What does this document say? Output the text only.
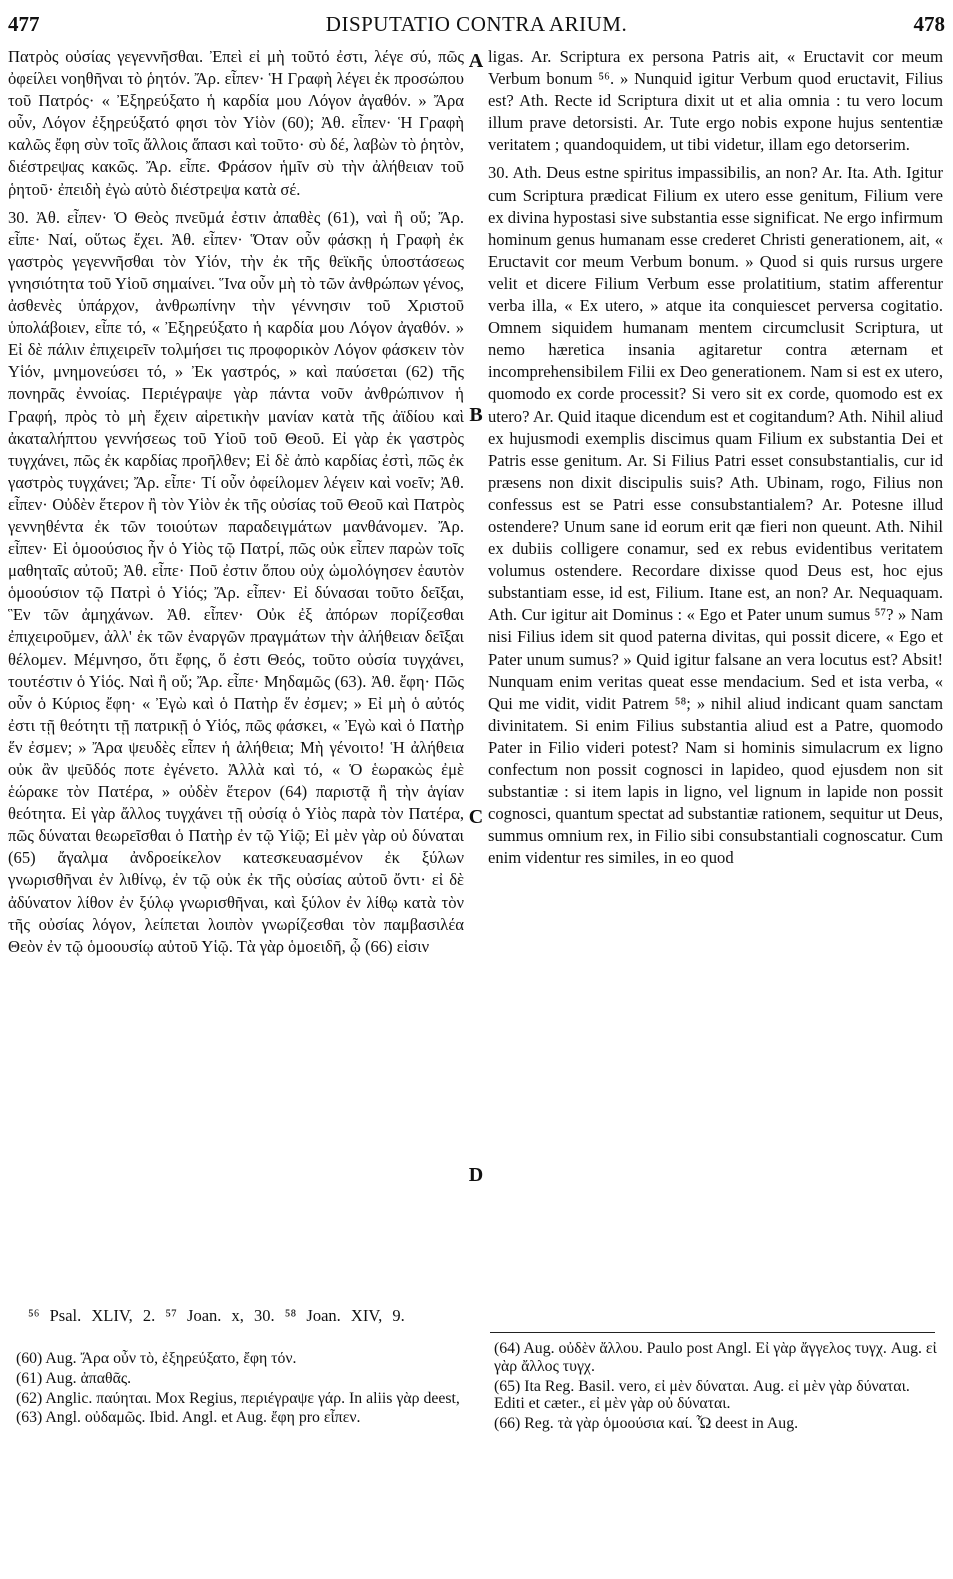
477	DISPUTATIO CONTRA ARIUM.	478

Πατρὸς οὐσίας γεγεννῆσθαι. Ἐπεὶ εἰ μὴ τοῦτό ἐστι, λέγε σύ, πῶς ὀφείλει νοηθῆναι τὸ ῥητόν. Ἄρ. εἶπεν· Ἡ Γραφὴ λέγει ἐκ προσώπου τοῦ Πατρός· « Ἐξηρεύξατο ἡ καρδία μου Λόγον ἀγαθόν. » Ἄρα οὖν, Λόγον ἐξηρεύξατό φησι τὸν Υἱὸν (60); Ἀθ. εἶπεν· Ἡ Γραφὴ καλῶς ἔφη σὺν τοῖς ἄλλοις ἅπασι καὶ τοῦτο· σὺ δέ, λαβὼν τὸ ῥητὸν, διέστρεψας κακῶς. Ἄρ. εἶπε. Φράσον ἡμῖν σὺ τὴν ἀλήθειαν τοῦ ῥητοῦ· ἐπειδὴ ἐγὼ αὐτὸ διέστρεψα κατὰ σέ.

30. Ἀθ. εἶπεν· Ὁ Θεὸς πνεῦμά ἐστιν ἀπαθὲς (61), ναὶ ἢ οὔ; Ἄρ. εἶπε· Ναί, οὕτως ἔχει. Ἀθ. εἶπεν· Ὅταν οὖν φάσκῃ ἡ Γραφὴ ἐκ γαστρὸς γεγεννῆσθαι τὸν Υἱόν, τὴν ἐκ τῆς θεϊκῆς ὑποστάσεως γνησιότητα τοῦ Υἱοῦ σημαίνει. Ἵνα οὖν μὴ τὸ τῶν ἀνθρώπων γένος, ἀσθενὲς ὑπάρχον, ἀνθρωπίνην τὴν γέννησιν τοῦ Χριστοῦ ὑπολάβοιεν, εἶπε τό, « Ἐξηρεύξατο ἡ καρδία μου Λόγον ἀγαθόν. » Εἰ δὲ πάλιν ἐπιχειρεῖν τολμήσει τις προφορικὸν Λόγον φάσκειν τὸν Υἱόν, μνημονεύσει τό, » Ἐκ γαστρός, » καὶ παύσεται (62) τῆς πονηρᾶς ἐννοίας. Περιέγραψε γὰρ πάντα νοῦν ἀνθρώπινον ἡ Γραφή, πρὸς τὸ μὴ ἔχειν αἱρετικὴν μανίαν κατὰ τῆς ἀϊδίου καὶ ἀκαταλήπτου γεννήσεως τοῦ Υἱοῦ τοῦ Θεοῦ. Εἰ γὰρ ἐκ γαστρὸς τυγχάνει, πῶς ἐκ καρδίας προῆλθεν; Εἰ δὲ ἀπὸ καρδίας ἐστὶ, πῶς ἐκ γαστρὸς τυγχάνει; Ἄρ. εἶπε· Τί οὖν ὀφείλομεν λέγειν καὶ νοεῖν; Ἀθ. εἶπεν· Οὐδὲν ἕτερον ἢ τὸν Υἱὸν ἐκ τῆς οὐσίας τοῦ Θεοῦ καὶ Πατρὸς γεννηθέντα ἐκ τῶν τοιούτων παραδειγμάτων μανθάνομεν. Ἄρ. εἶπεν· Εἰ ὁμοούσιος ἦν ὁ Υἱὸς τῷ Πατρί, πῶς οὐκ εἶπεν παρὼν τοῖς μαθηταῖς αὐτοῦ; Ἀθ. εἶπε· Ποῦ ἐστιν ὅπου οὐχ ὡμολόγησεν ἑαυτὸν ὁμοούσιον τῷ Πατρὶ ὁ Υἱός; Ἄρ. εἶπεν· Εἰ δύνασαι τοῦτο δεῖξαι, Ἓν τῶν ἀμηχάνων. Ἀθ. εἶπεν· Οὐκ ἐξ ἀπόρων πορίζεσθαι ἐπιχειροῦμεν, ἀλλ' ἐκ τῶν ἐναργῶν πραγμάτων τὴν ἀλήθειαν δεῖξαι θέλομεν. Μέμνησο, ὅτι ἔφης, ὅ ἐστι Θεός, τοῦτο οὐσία τυγχάνει, τουτέστιν ὁ Υἱός. Ναὶ ἢ οὔ; Ἄρ. εἶπε· Μηδαμῶς (63). Ἀθ. ἔφη· Πῶς οὖν ὁ Κύριος ἔφη· « Ἐγὼ καὶ ὁ Πατὴρ ἕν ἐσμεν; » Εἰ μὴ ὁ αὐτός ἐστι τῇ θεότητι τῇ πατρικῇ ὁ Υἱός, πῶς φάσκει, « Ἐγὼ καὶ ὁ Πατὴρ ἕν ἐσμεν; » Ἄρα ψευδὲς εἶπεν ἡ ἀλήθεια; Μὴ γένοιτο! Ἡ ἀλήθεια οὐκ ἂν ψεῦδός ποτε ἐγένετο. Ἀλλὰ καὶ τό, « Ὁ ἑωρακὼς ἐμὲ ἑώρακε τὸν Πατέρα, » οὐδὲν ἕτερον (64) παριστᾷ ἢ τὴν ἁγίαν θεότητα. Εἰ γὰρ ἄλλος τυγχάνει τῇ οὐσίᾳ ὁ Υἱὸς παρὰ τὸν Πατέρα, πῶς δύναται θεωρεῖσθαι ὁ Πατὴρ ἐν τῷ Υἱῷ; Εἰ μὲν γὰρ οὐ δύναται (65) ἄγαλμα ἀνδροείκελον κατεσκευασμένον ἐκ ξύλων γνωρισθῆναι ἐν λιθίνῳ, ἐν τῷ οὐκ ἐκ τῆς οὐσίας αὐτοῦ ὄντι· εἰ δὲ ἀδύνατον λίθον ἐν ξύλῳ γνωρισθῆναι, καὶ ξύλον ἐν λίθῳ κατὰ τὸν τῆς οὐσίας λόγον, λείπεται λοιπὸν γνωρίζεσθαι τὸν παμβασιλέα Θεὸν ἐν τῷ ὁμοουσίῳ αὐτοῦ Υἱῷ. Τὰ γὰρ ὁμοειδῆ, ᾧ (66) εἰσιν

A
B
C
D

ligas. Ar. Scriptura ex persona Patris ait, « Eructavit cor meum Verbum bonum ⁵⁶. » Nunquid igitur Verbum quod eructavit, Filius est? Ath. Recte id Scriptura dixit ut et alia omnia : tu vero locum illum prave detorsisti. Ar. Tute ergo nobis expone hujus sententiæ veritatem ; quandoquidem, ut tibi videtur, illam ego detorserim.

30. Ath. Deus estne spiritus impassibilis, an non? Ar. Ita. Ath. Igitur cum Scriptura prædicat Filium ex utero esse genitum, Filium vere ex divina hypostasi sive substantia esse significat. Ne ergo infirmum hominum genus humanam esse crederet Christi generationem, ait, « Eructavit cor meum Verbum bonum. » Quod si quis rursus urgere velit et dicere Filium Verbum esse prolatitium, statim afferentur verba illa, « Ex utero, » atque ita conquiescet perversa cogitatio. Omnem siquidem humanam mentem circumclusit Scriptura, ut nemo hæretica insania agitaretur contra æternam et incomprehensibilem Filii ex Deo generationem. Nam si est ex utero, quomodo ex corde processit? Si vero sit ex corde, quomodo est ex utero? Ar. Quid itaque dicendum est et cogitandum? Ath. Nihil aliud ex hujusmodi exemplis discimus quam Filium ex substantia Dei et Patris esse genitum. Ar. Si Filius Patri esset consubstantialis, cur id præsens non dixit discipulis suis? Ath. Ubinam, rogo, Filius non confessus est se Patri esse consubstantialem? Ar. Potesne illud ostendere? Unum sane id eorum erit qæ fieri non queunt. Ath. Nihil ex dubiis colligere conamur, sed ex rebus evidentibus veritatem volumus ostendere. Recordare dixisse quod Deus est, hoc ejus substantiam esse, id est, Filium. Itane est, an non? Ar. Nequaquam. Ath. Cur igitur ait Dominus : « Ego et Pater unum sumus ⁵⁷? » Nam nisi Filius idem sit quod paterna divitas, qui possit dicere, « Ego et Pater unum sumus? » Quid igitur falsane an vera locutus est? Absit! Nunquam enim veritas queat esse mendacium. Sed et ista verba, « Qui me vidit, vidit Patrem ⁵⁸; » nihil aliud indicant quam sanctam divinitatem. Si enim Filius substantia aliud est a Patre, quomodo Pater in Filio videri potest? Nam si hominis simulacrum ex ligno confectum non possit cognosci in lapideo, quod ejusdem non sit substantiæ : si item lapis in ligno, vel lignum in lapide non possit cognosci, quantum spectat ad substantiæ rationem, sequitur ut Deus, summus omnium rex, in Filio sibi consubstantiali cognoscatur. Cum enim videntur res similes, in eo quod

⁵⁶ Psal. XLIV, 2. ⁵⁷ Joan. x, 30. ⁵⁸ Joan. XIV, 9.
(60) Aug. Ἄρα οὖν τὸ, ἐξηρεύξατο, ἔφη τόν.
(61) Aug. ἀπαθᾶς.
(62) Anglic. παύηται. Mox Regius, περιέγραψε γάρ. In aliis γὰρ deest,
(63) Angl. οὐδαμῶς. Ibid. Angl. et Aug. ἔφη pro εἶπεν.
(64) Aug. οὐδὲν ἄλλου. Paulo post Angl. Εἰ γὰρ ἄγγελος τυγχ. Aug. εἰ γὰρ ἄλλος τυγχ.
(65) Ita Reg. Basil. vero, εἰ μὲν δύναται. Aug. εἰ μὲν γὰρ δύναται. Editi et cæter., εἰ μὲν γὰρ οὐ δύναται.
(66) Reg. τὰ γὰρ ὁμοούσια καί. Ὧ deest in Aug.
